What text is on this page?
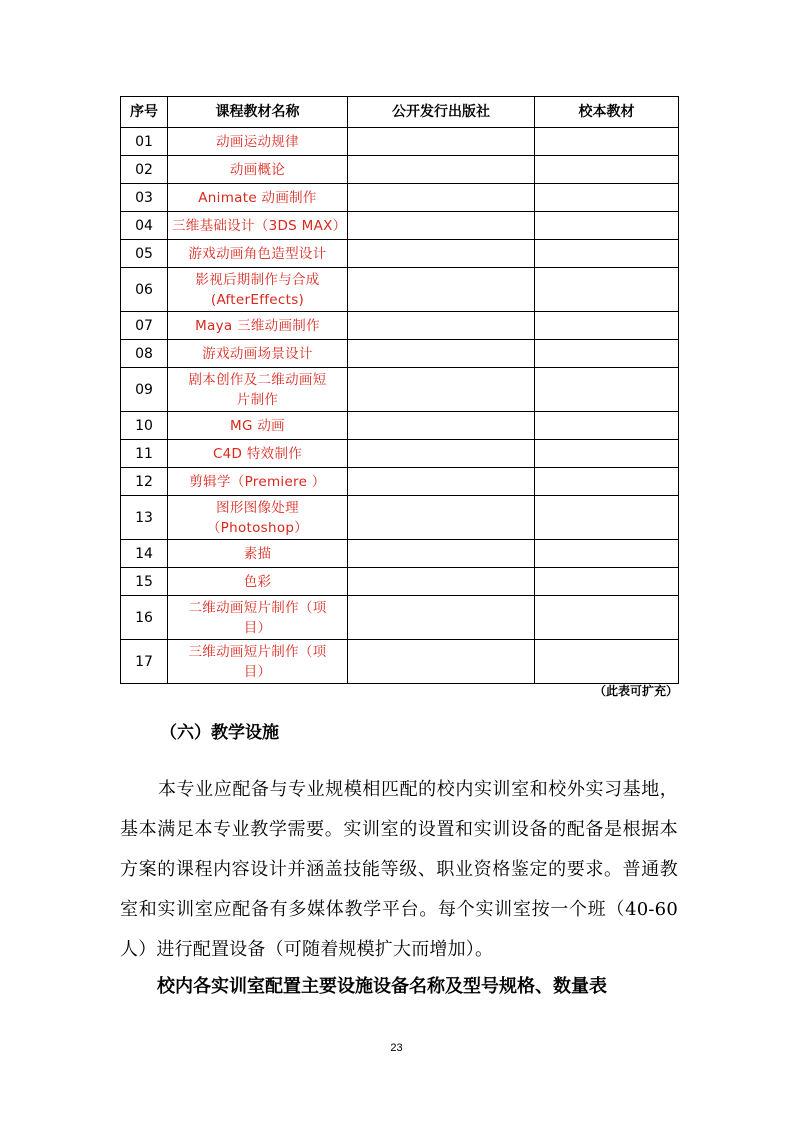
序号	课程教材名称	公开发行出版社	校本教材
01	动画运动规律		
02	动画概论		
03	Animate 动画制作		
04	三维基础设计（3DS MAX）		
05	游戏动画角色造型设计		
06	影视后期制作与合成
(AfterEffects)		
07	Maya 三维动画制作		
08	游戏动画场景设计		
09	剧本创作及二维动画短
片制作		
10	MG 动画		
11	C4D 特效制作		
12	剪辑学（Premiere ）		
13	图形图像处理
（Photoshop）		
14	素描		
15	色彩		
16	二维动画短片制作（项
目）		
17	三维动画短片制作（项
目）		
（此表可扩充）
（六）教学设施
本专业应配备与专业规模相匹配的校内实训室和校外实习基地，基本满足本专业教学需要。实训室的设置和实训设备的配备是根据本方案的课程内容设计并涵盖技能等级、职业资格鉴定的要求。普通教室和实训室应配备有多媒体教学平台。每个实训室按一个班（40-60 人）进行配置设备（可随着规模扩大而增加）。
校内各实训室配置主要设施设备名称及型号规格、数量表
23
